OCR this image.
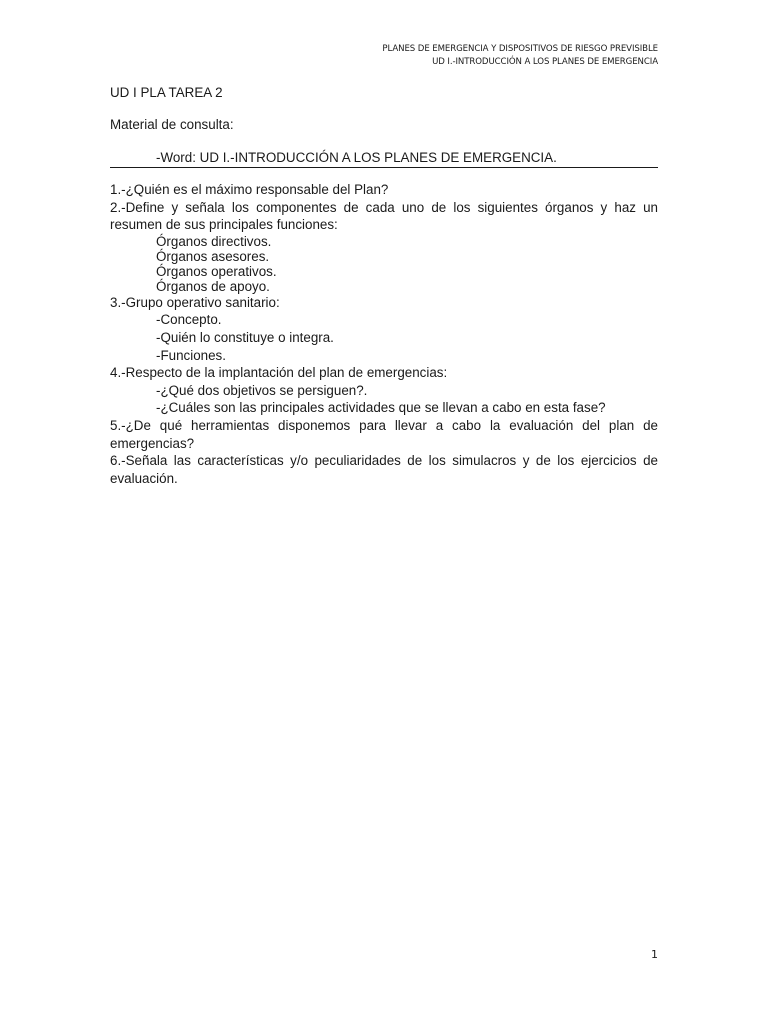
PLANES DE EMERGENCIA Y DISPOSITIVOS DE RIESGO PREVISIBLE
UD I.-INTRODUCCIÓN A LOS PLANES DE EMERGENCIA
UD I PLA TAREA 2
Material de consulta:
-Word: UD I.-INTRODUCCIÓN A LOS PLANES DE EMERGENCIA.
1.-¿Quién es el máximo responsable del Plan?
2.-Define y señala los componentes de cada uno de los siguientes órganos y haz un resumen de sus principales funciones:
Órganos directivos.
Órganos asesores.
Órganos operativos.
Órganos de apoyo.
3.-Grupo operativo sanitario:
-Concepto.
-Quién lo constituye o integra.
-Funciones.
4.-Respecto de la implantación del plan de emergencias:
-¿Qué dos objetivos se persiguen?.
-¿Cuáles son las principales actividades que se llevan a cabo en esta fase?
5.-¿De qué herramientas disponemos para llevar a cabo la evaluación del plan de emergencias?
6.-Señala las características y/o peculiaridades de los simulacros y de los ejercicios de evaluación.
1
